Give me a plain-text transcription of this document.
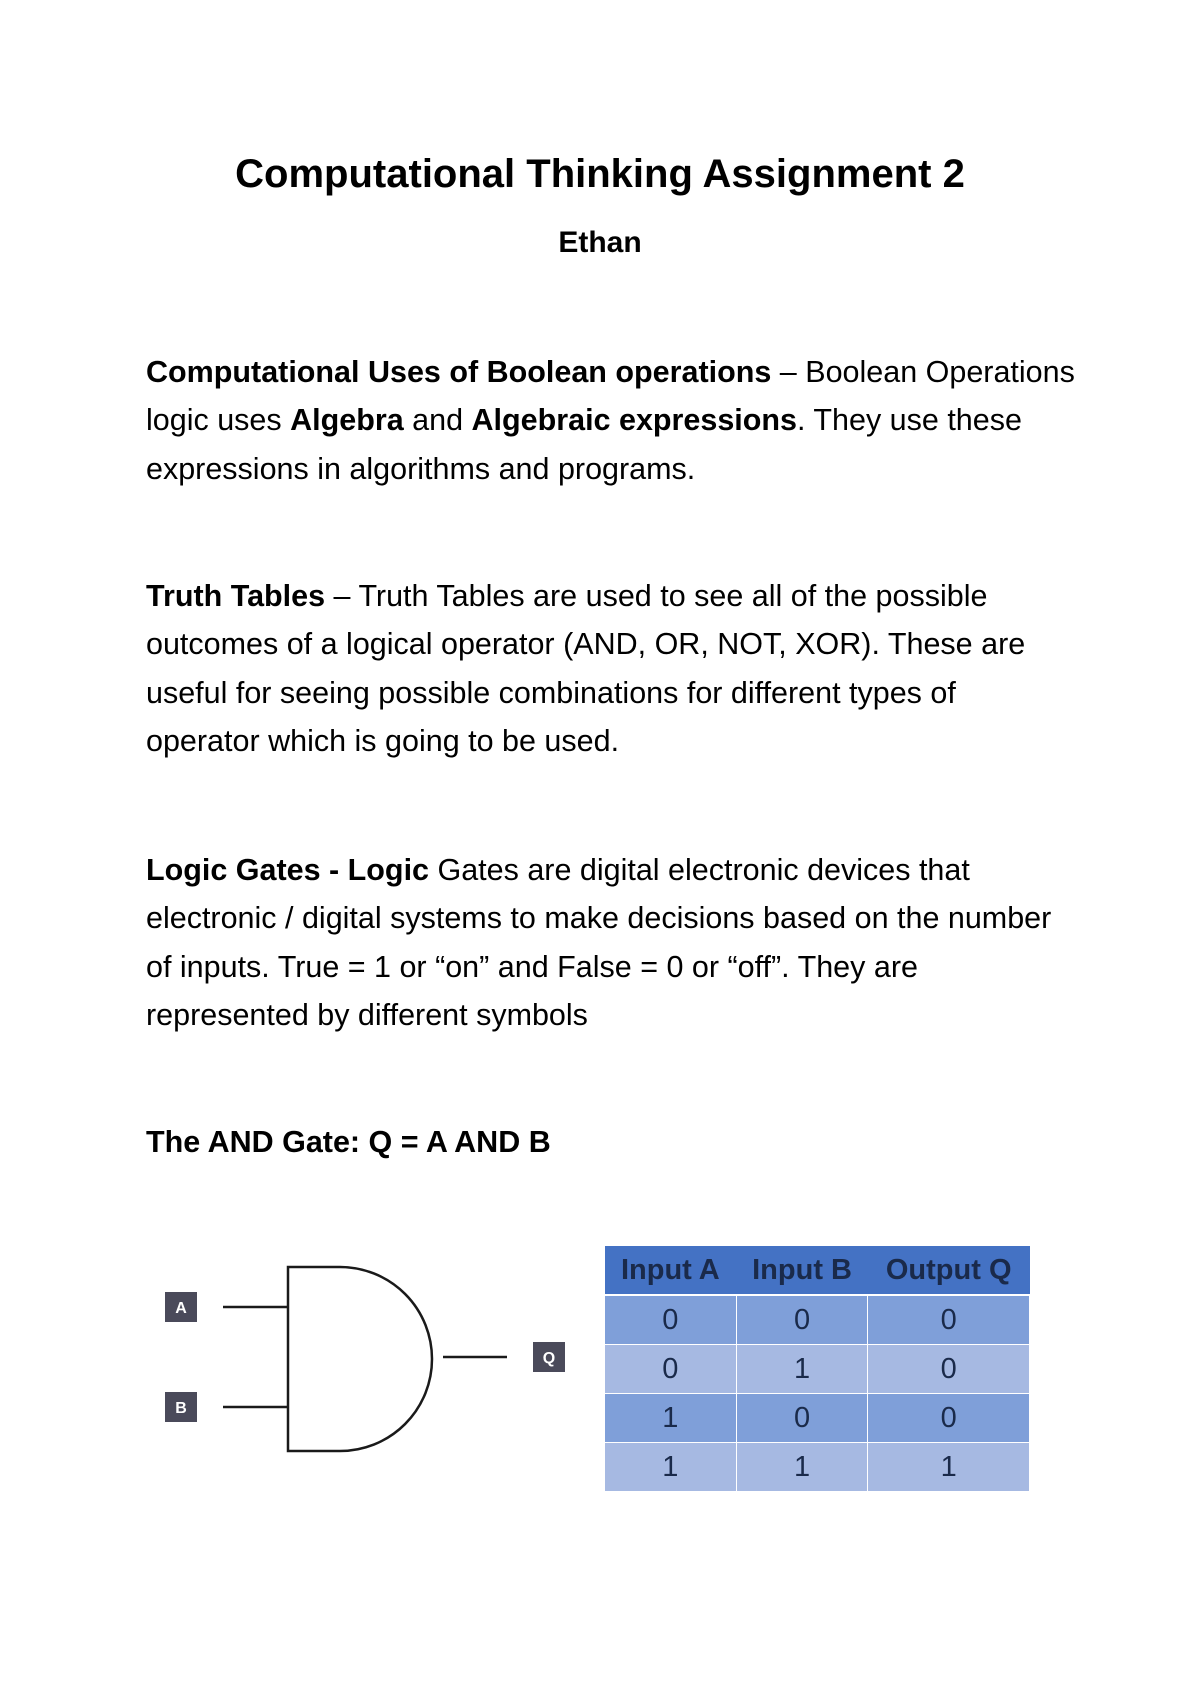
Computational Thinking Assignment 2
Ethan

Computational Uses of Boolean operations – Boolean Operations logic uses Algebra and Algebraic expressions. They use these expressions in algorithms and programs.

Truth Tables – Truth Tables are used to see all of the possible outcomes of a logical operator (AND, OR, NOT, XOR). These are useful for seeing possible combinations for different types of operator which is going to be used.

Logic Gates - Logic Gates are digital electronic devices that electronic / digital systems to make decisions based on the number of inputs. True = 1 or “on” and False = 0 or “off”. They are represented by different symbols

The AND Gate: Q = A AND B

A
B
Q
Input A	Input B	Output Q
0	0	0
0	1	0
1	0	0
1	1	1
